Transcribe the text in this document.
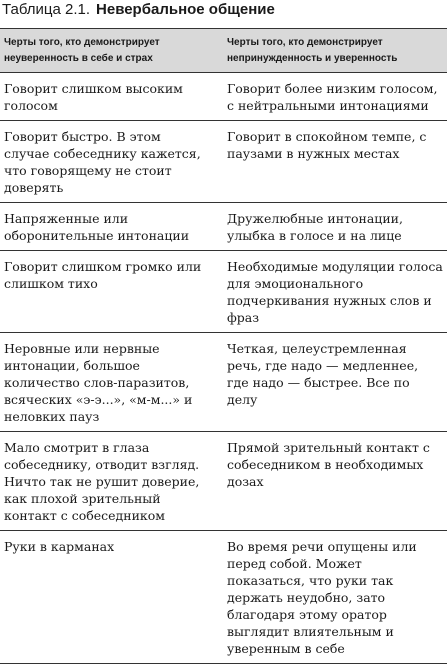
Таблица 2.1. Невербальное общение
Черты того, кто демонстрирует неуверенность в себе и страх	Черты того, кто демонстрирует непринужденность и уверенность
Говорит слишком высоким голосом	Говорит более низким голосом, с нейтральными интонациями
Говорит быстро. В этом случае собеседнику кажется, что говорящему не стоит доверять	Говорит в спокойном темпе, с паузами в нужных местах
Напряженные или оборонительные интонации	Дружелюбные интонации, улыбка в голосе и на лице
Говорит слишком громко или слишком тихо	Необходимые модуляции голоса для эмоционального подчеркивания нужных слов и фраз
Неровные или нервные интонации, большое количество слов-паразитов, всяческих «э-э...», «м-м...» и неловких пауз	Четкая, целеустремленная речь, где надо — медленнее, где надо — быстрее. Все по делу
Мало смотрит в глаза собеседнику, отводит взгляд. Ничто так не рушит доверие, как плохой зрительный контакт с собеседником	Прямой зрительный контакт с собеседником в необходимых дозах
Руки в карманах	Во время речи опущены или перед собой. Может показаться, что руки так держать неудобно, зато благодаря этому оратор выглядит влиятельным и уверенным в себе
